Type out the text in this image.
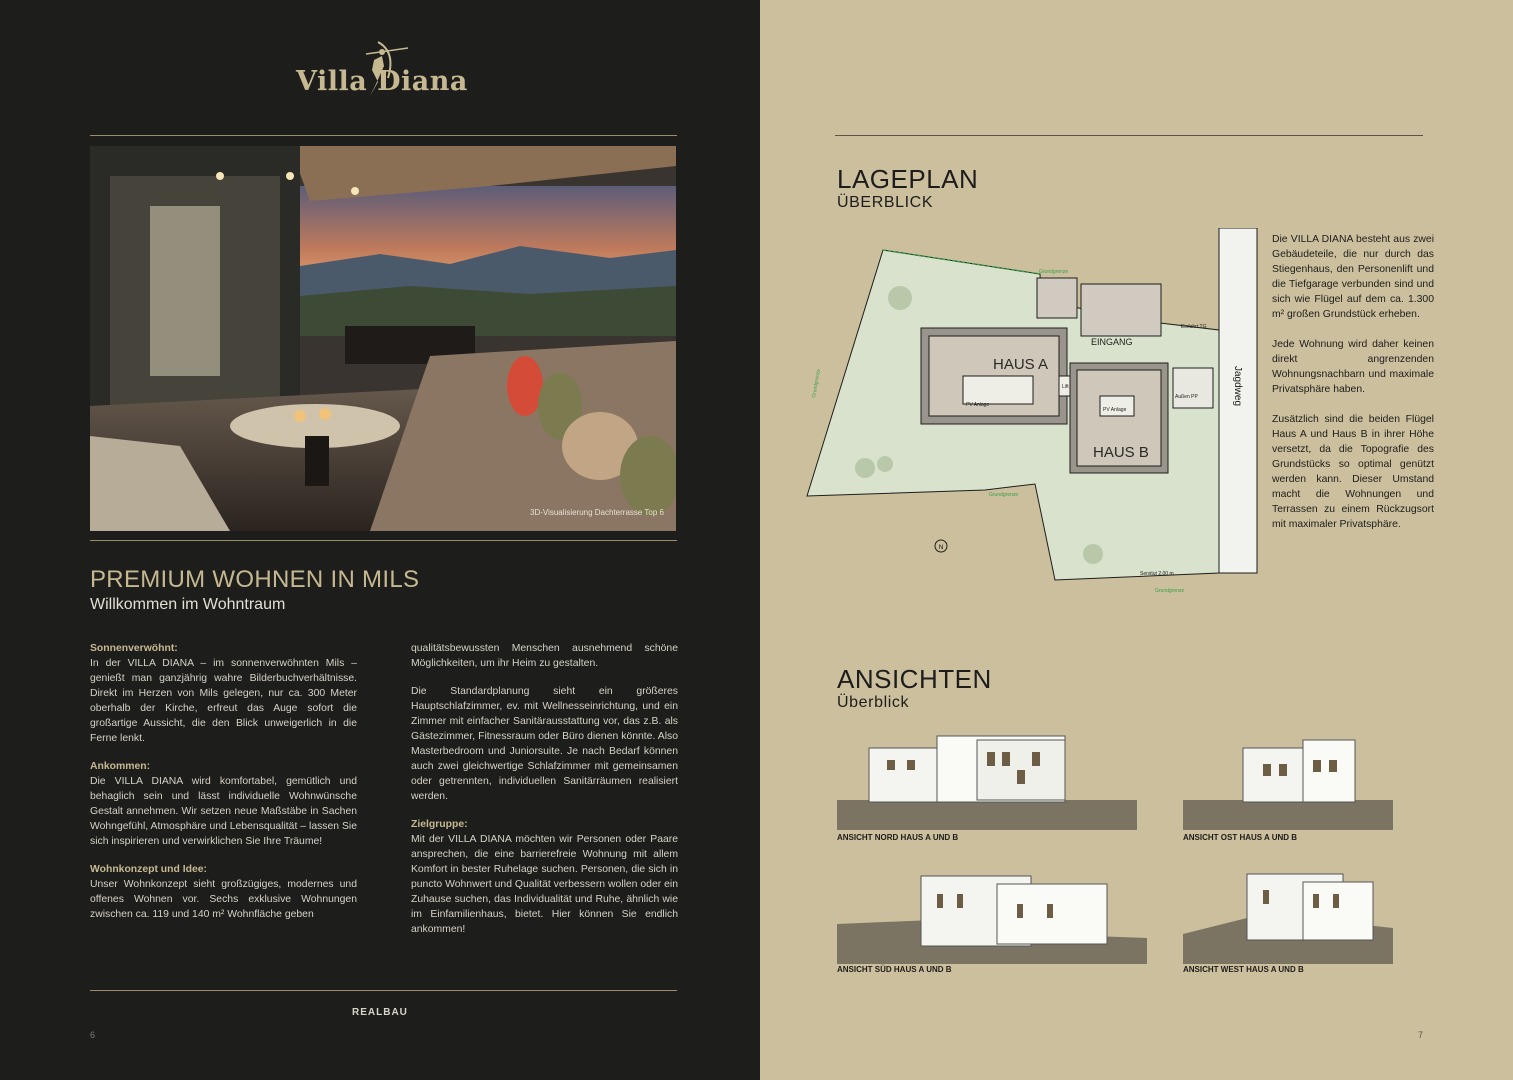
Villa Diana
3D-Visualisierung Dachterrasse Top 6
PREMIUM WOHNEN IN MILS
Willkommen im Wohntraum

Sonnenverwöhnt:
In der VILLA DIANA – im sonnenverwöhnten Mils – genießt man ganzjährig wahre Bilderbuchverhältnisse. Direkt im Herzen von Mils gelegen, nur ca. 300 Meter oberhalb der Kirche, erfreut das Auge sofort die großartige Aussicht, die den Blick unweigerlich in die Ferne lenkt.

Ankommen:
Die VILLA DIANA wird komfortabel, gemütlich und behaglich sein und lässt individuelle Wohnwünsche Gestalt annehmen. Wir setzen neue Maßstäbe in Sachen Wohngefühl, Atmosphäre und Lebensqualität – lassen Sie sich inspirieren und verwirklichen Sie Ihre Träume!

Wohnkonzept und Idee:
Unser Wohnkonzept sieht großzügiges, modernes und offenes Wohnen vor. Sechs exklusive Wohnungen zwischen ca. 119 und 140 m² Wohnfläche geben

qualitätsbewussten Menschen ausnehmend schöne Möglichkeiten, um ihr Heim zu gestalten.

Die Standardplanung sieht ein größeres Hauptschlafzimmer, ev. mit Wellnesseinrichtung, und ein Zimmer mit einfacher Sanitärausstattung vor, das z.B. als Gästezimmer, Fitnessraum oder Büro dienen könnte. Also Masterbedroom und Juniorsuite. Je nach Bedarf können auch zwei gleichwertige Schlafzimmer mit gemeinsamen oder getrennten, individuellen Sanitärräumen realisiert werden.

Zielgruppe:
Mit der VILLA DIANA möchten wir Personen oder Paare ansprechen, die eine barrierefreie Wohnung mit allem Komfort in bester Ruhelage suchen. Personen, die sich in puncto Wohnwert und Qualität verbessern wollen oder ein Zuhause suchen, das Individualität und Ruhe, ähnlich wie im Einfamilienhaus, bietet. Hier können Sie endlich ankommen!

REALBAU
6
LAGEPLAN
ÜBERBLICK
N
HAUS A
HAUS B
EINGANG
PV Anlage
PV Anlage
Lift
Einfahrt TG
Außen PP
Grundgrenze
Grundgrenze
Grundgrenze
Servitut 2,00 m
Grundgrenze	Jagdweg

Die VILLA DIANA besteht aus zwei Gebäudeteile, die nur durch das Stiegenhaus, den Personenlift und die Tiefgarage verbunden sind und sich wie Flügel auf dem ca. 1.300 m² großen Grundstück erheben.

Jede Wohnung wird daher keinen direkt angrenzenden Wohnungsnachbarn und maximale Privatsphäre haben.

Zusätzlich sind die beiden Flügel Haus A und Haus B in ihrer Höhe versetzt, da die Topografie des Grundstücks so optimal genützt werden kann. Dieser Umstand macht die Wohnungen und Terrassen zu einem Rückzugsort mit maximaler Privatsphäre.

ANSICHTEN
Überblick
ANSICHT NORD HAUS A UND B	ANSICHT OST HAUS A UND B
ANSICHT SÜD HAUS A UND B	ANSICHT WEST HAUS A UND B
7
